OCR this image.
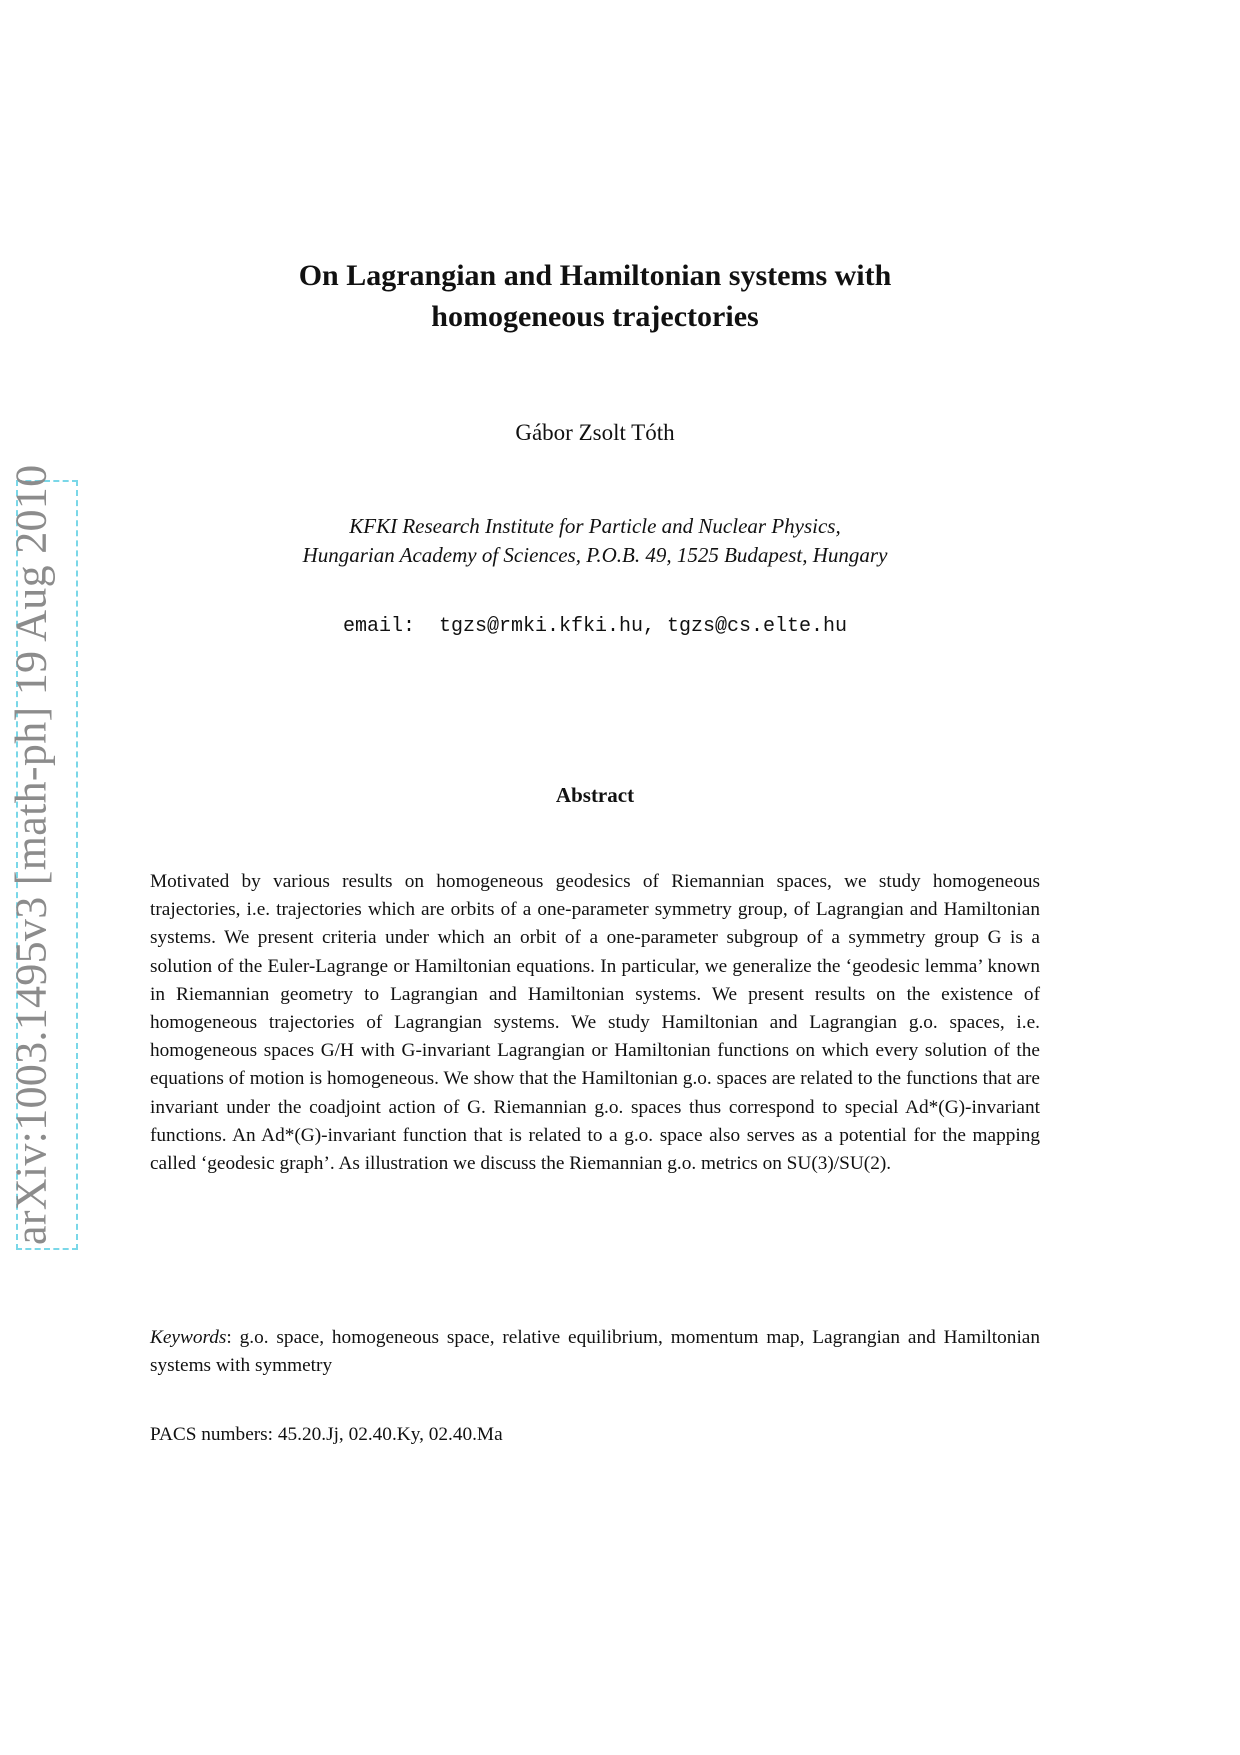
arXiv:1003.1495v3 [math-ph] 19 Aug 2010
On Lagrangian and Hamiltonian systems with
homogeneous trajectories
Gábor Zsolt Tóth
KFKI Research Institute for Particle and Nuclear Physics,
Hungarian Academy of Sciences, P.O.B. 49, 1525 Budapest, Hungary
email:  tgzs@rmki.kfki.hu, tgzs@cs.elte.hu
Abstract
Motivated by various results on homogeneous geodesics of Riemannian spaces, we study homogeneous trajectories, i.e. trajectories which are orbits of a one-parameter symmetry group, of Lagrangian and Hamiltonian systems. We present criteria under which an orbit of a one-parameter subgroup of a symmetry group G is a solution of the Euler-Lagrange or Hamiltonian equations. In particular, we generalize the ‘geodesic lemma’ known in Riemannian geometry to Lagrangian and Hamiltonian systems. We present results on the existence of homogeneous trajectories of Lagrangian systems. We study Hamiltonian and Lagrangian g.o. spaces, i.e. homogeneous spaces G/H with G-invariant Lagrangian or Hamiltonian functions on which every solution of the equations of motion is homogeneous. We show that the Hamiltonian g.o. spaces are related to the functions that are invariant under the coadjoint action of G. Riemannian g.o. spaces thus correspond to special Ad*(G)-invariant functions. An Ad*(G)-invariant function that is related to a g.o. space also serves as a potential for the mapping called ‘geodesic graph’. As illustration we discuss the Riemannian g.o. metrics on SU(3)/SU(2).
Keywords: g.o. space, homogeneous space, relative equilibrium, momentum map, Lagrangian and Hamiltonian systems with symmetry
PACS numbers: 45.20.Jj, 02.40.Ky, 02.40.Ma
